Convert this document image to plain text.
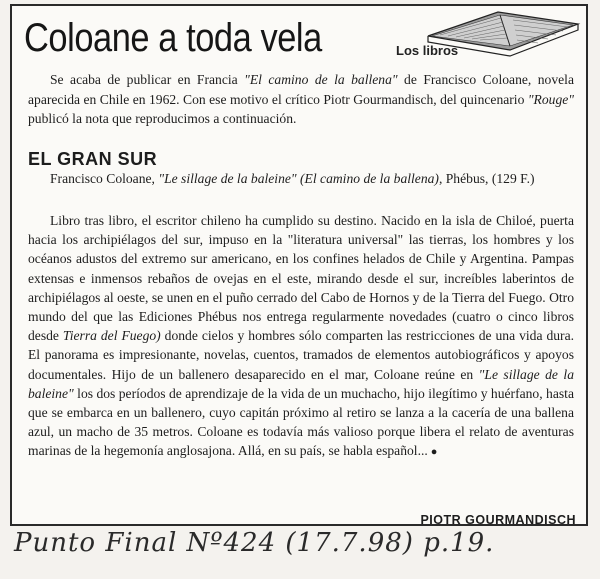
Coloane a toda vela	Los libros

Se acaba de publicar en Francia "El camino de la ballena" de Francisco Coloane, novela aparecida en Chile en 1962. Con ese motivo el crítico Piotr Gourmandisch, del quincenario "Rouge" publicó la nota que reproducimos a continuación.

EL GRAN SUR

Francisco Coloane, "Le sillage de la baleine" (El camino de la ballena), Phébus, (129 F.)

Libro tras libro, el escritor chileno ha cumplido su destino. Nacido en la isla de Chiloé, puerta hacia los archipiélagos del sur, impuso en la "literatura universal" las tierras, los hombres y los océanos adustos del extremo sur americano, en los confines helados de Chile y Argentina. Pampas extensas e inmensos rebaños de ovejas en el este, mirando desde el sur, increíbles laberintos de archipiélagos al oeste, se unen en el puño cerrado del Cabo de Hornos y de la Tierra del Fuego. Otro mundo del que las Ediciones Phébus nos entrega regularmente novedades (cuatro o cinco libros desde Tierra del Fuego) donde cielos y hombres sólo comparten las restricciones de una vida dura. El panorama es impresionante, novelas, cuentos, tramados de elementos autobiográficos y apoyos documentales. Hijo de un ballenero desaparecido en el mar, Coloane reúne en "Le sillage de la baleine" los dos períodos de aprendizaje de la vida de un muchacho, hijo ilegítimo y huérfano, hasta que se embarca en un ballenero, cuyo capitán próximo al retiro se lanza a la cacería de una ballena azul, un macho de 35 metros. Coloane es todavía más valioso porque libera el relato de aventuras marinas de la hegemonía anglosajona. Allá, en su país, se habla español... ●

PIOTR GOURMANDISCH

Punto Final Nº424 (17.7.98) p.19.
